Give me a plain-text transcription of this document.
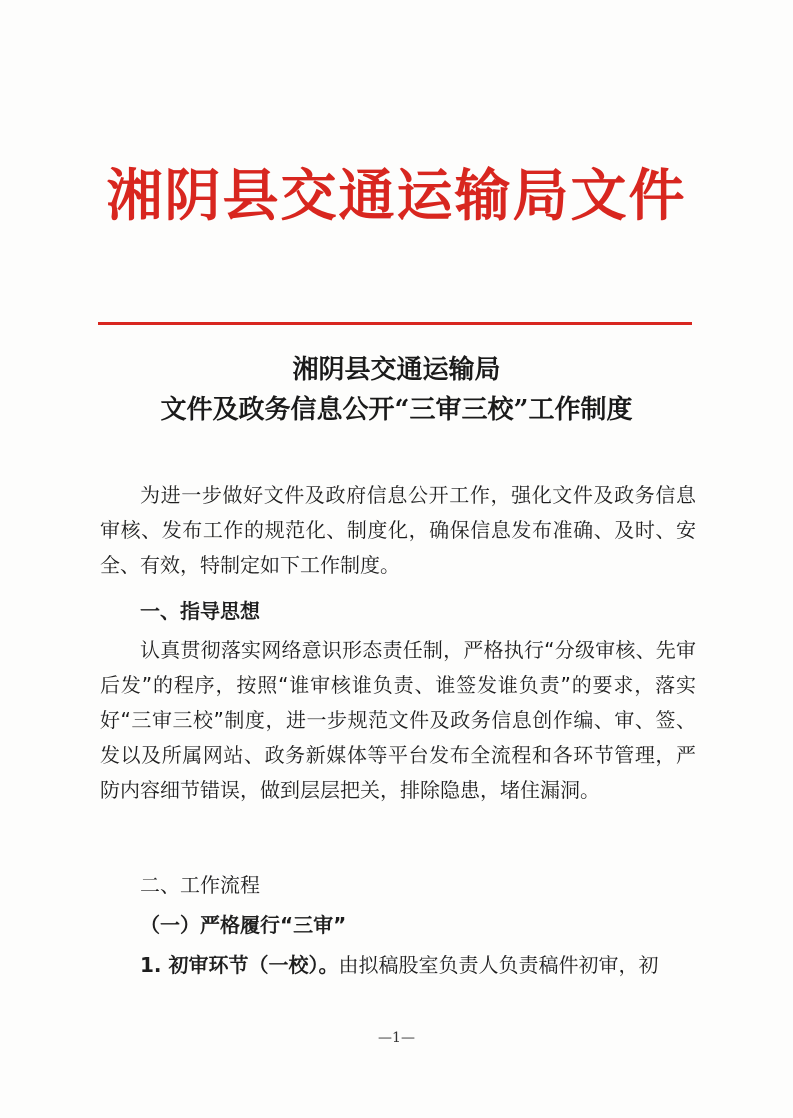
湘阴县交通运输局文件
湘阴县交通运输局
文件及政务信息公开“三审三校”工作制度
为进一步做好文件及政府信息公开工作，强化文件及政务信息审核、发布工作的规范化、制度化，确保信息发布准确、及时、安全、有效，特制定如下工作制度。
一、指导思想
认真贯彻落实网络意识形态责任制，严格执行“分级审核、先审后发”的程序，按照“谁审核谁负责、谁签发谁负责”的要求，落实好“三审三校”制度，进一步规范文件及政务信息创作编、审、签、发以及所属网站、政务新媒体等平台发布全流程和各环节管理，严防内容细节错误，做到层层把关，排除隐患，堵住漏洞。
二、工作流程
（一）严格履行“三审”
1. 初审环节（一校）。由拟稿股室负责人负责稿件初审，初
—1—
